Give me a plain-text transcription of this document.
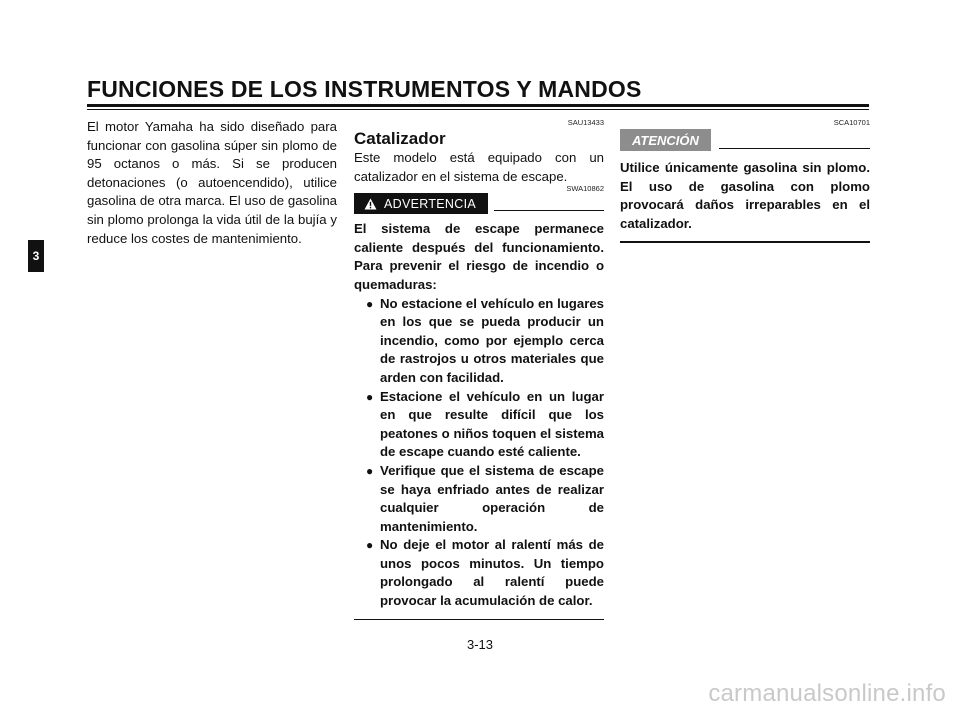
FUNCIONES DE LOS INSTRUMENTOS Y MANDOS
3

El motor Yamaha ha sido diseñado para funcionar con gasolina súper sin plomo de 95 octanos o más. Si se producen detonaciones (o autoencendido), utilice gasolina de otra marca. El uso de gasolina sin plomo prolonga la vida útil de la bujía y reduce los costes de mantenimiento.

SAU13433

Catalizador

Este modelo está equipado con un catalizador en el sistema de escape.

SWA10862

ADVERTENCIA

El sistema de escape permanece caliente después del funcionamiento. Para prevenir el riesgo de incendio o quemaduras:

● No estacione el vehículo en lugares en los que se pueda producir un incendio, como por ejemplo cerca de rastrojos u otros materiales que arden con facilidad.
● Estacione el vehículo en un lugar en que resulte difícil que los peatones o niños toquen el sistema de escape cuando esté caliente.
● Verifique que el sistema de escape se haya enfriado antes de realizar cualquier operación de mantenimiento.
● No deje el motor al ralentí más de unos pocos minutos. Un tiempo prolongado al ralentí puede provocar la acumulación de calor.

SCA10701

ATENCIÓN

Utilice únicamente gasolina sin plomo. El uso de gasolina con plomo provocará daños irreparables en el catalizador.

3-13

carmanualsonline.info
